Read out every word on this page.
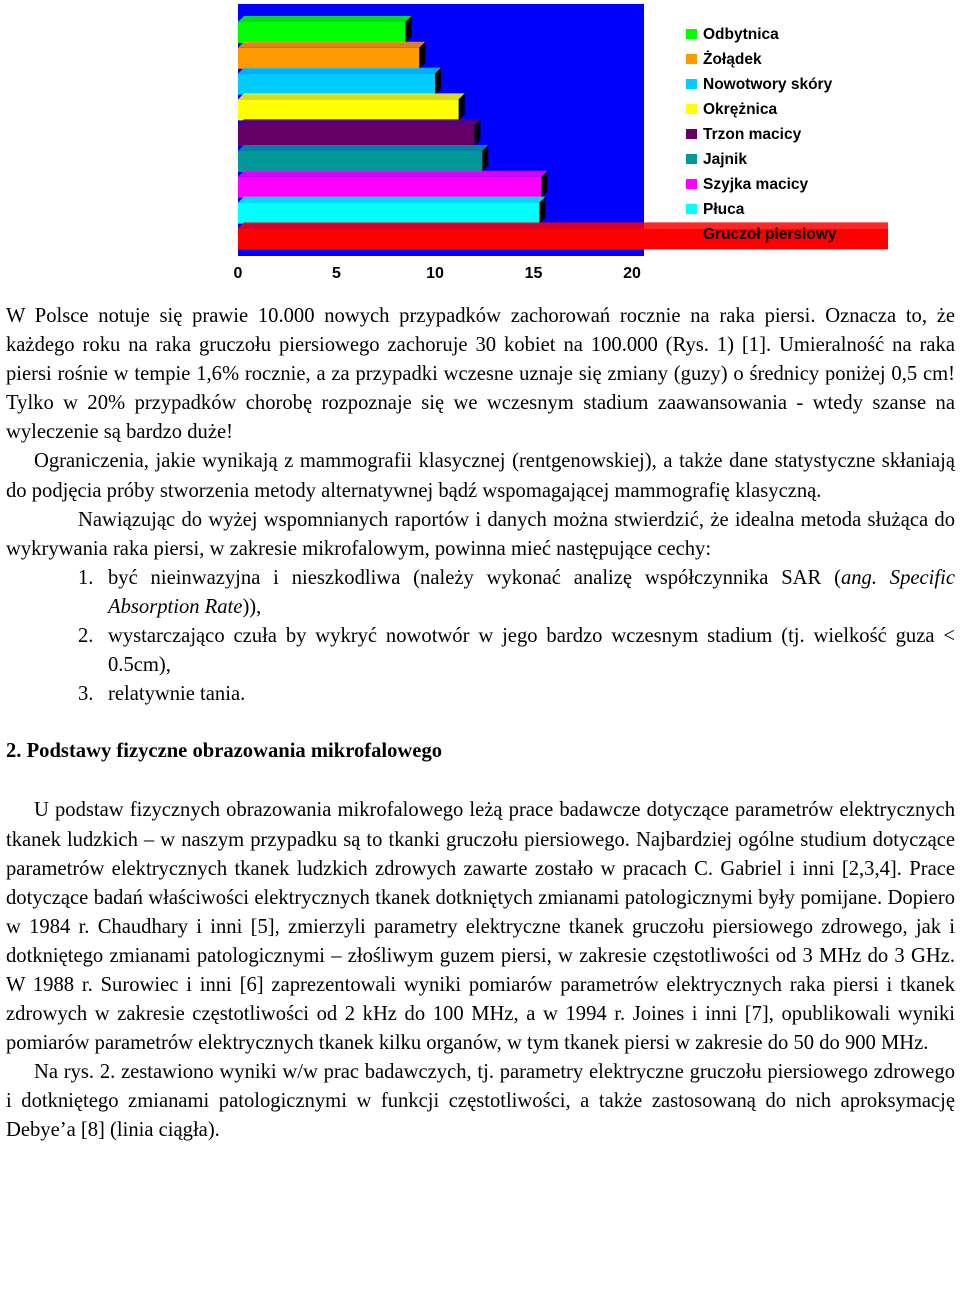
0	5	10	15	20
Odbytnica
Żołądek
Nowotwory skóry
Okrężnica
Trzon macicy
Jajnik
Szyjka macicy
Płuca
Gruczoł piersiowy

W Polsce notuje się prawie 10.000 nowych przypadków zachorowań rocznie na raka piersi. Oznacza to, że każdego roku na raka gruczołu piersiowego zachoruje 30 kobiet na 100.000 (Rys. 1) [1]. Umieralność na raka piersi rośnie w tempie 1,6% rocznie, a za przypadki wczesne uznaje się zmiany (guzy) o średnicy poniżej 0,5 cm! Tylko w 20% przypadków chorobę rozpoznaje się we wczesnym stadium zaawansowania - wtedy szanse na wyleczenie są bardzo duże!

Ograniczenia, jakie wynikają z mammografii klasycznej (rentgenowskiej), a także dane statystyczne skłaniają do podjęcia próby stworzenia metody alternatywnej bądź wspomagającej mammografię klasyczną.

Nawiązując do wyżej wspomnianych raportów i danych można stwierdzić, że idealna metoda służąca do wykrywania raka piersi, w zakresie mikrofalowym, powinna mieć następujące cechy:

1. być nieinwazyjna i nieszkodliwa (należy wykonać analizę współczynnika SAR (ang. Specific Absorption Rate)),
2. wystarczająco czuła by wykryć nowotwór w jego bardzo wczesnym stadium (tj. wielkość guza < 0.5cm),
3. relatywnie tania.
2. Podstawy fizyczne obrazowania mikrofalowego

U podstaw fizycznych obrazowania mikrofalowego leżą prace badawcze dotyczące parametrów elektrycznych tkanek ludzkich – w naszym przypadku są to tkanki gruczołu piersiowego. Najbardziej ogólne studium dotyczące parametrów elektrycznych tkanek ludzkich zdrowych zawarte zostało w pracach C. Gabriel i inni [2,3,4]. Prace dotyczące badań właściwości elektrycznych tkanek dotkniętych zmianami patologicznymi były pomijane. Dopiero w 1984 r. Chaudhary i inni [5], zmierzyli parametry elektryczne tkanek gruczołu piersiowego zdrowego, jak i dotkniętego zmianami patologicznymi – złośliwym guzem piersi, w zakresie częstotliwości od 3 MHz do 3 GHz. W 1988 r. Surowiec i inni [6] zaprezentowali wyniki pomiarów parametrów elektrycznych raka piersi i tkanek zdrowych w zakresie częstotliwości od 2 kHz do 100 MHz, a w 1994 r. Joines i inni [7], opublikowali wyniki pomiarów parametrów elektrycznych tkanek kilku organów, w tym tkanek piersi w zakresie do 50 do 900 MHz.

Na rys. 2. zestawiono wyniki w/w prac badawczych, tj. parametry elektryczne gruczołu piersiowego zdrowego i dotkniętego zmianami patologicznymi w funkcji częstotliwości, a także zastosowaną do nich aproksymację Debye’a [8] (linia ciągła).
